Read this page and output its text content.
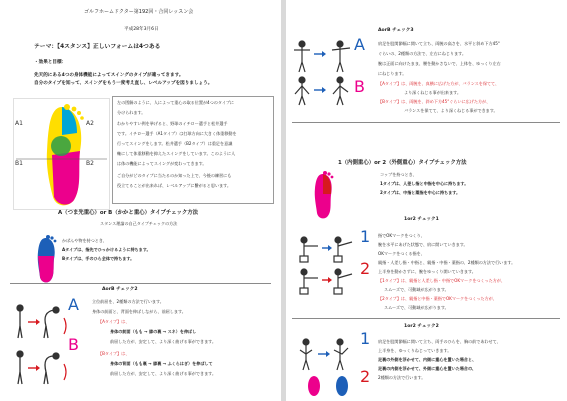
ゴルフホームドクター第192回・合同レッスン会
平成28年3月6日
テーマ：【4スタンス】正しいフォームは4つある
・効果と目標：
先天的にある4つの身体機能によってスイングのタイプが違ってきます。
自分のタイプを知って、スイングをもう一度考え直し、レベルアップを図りましょう。
A1	A2
B1	B2
左の図解のように、人によって重心の取る位置が4つのタイプに
分けられます。
わかりやすい例を挙げると、野球のイチロー選手と松井選手
です。イチロー選手（A1タイプ）は打球方向に大きく体重移動を
行ってスイングをします。松井選手（B2タイプ）は重足を意識
軸にして体重移動を抑えたスイングをしています。このように人
は体の機能によってスイングが変わってきます。
ご自分がどのタイプに当たるのか知った上で、今後の練習にも
役立てることが出来れば、レベルアップに繋がると思います。
A（つま先重心）or B（かかと重心）タイプチェック方法
スタンス理論の自己タイプチェックの方法
かぱんや物を持つとき、
Aタイプは、指先でひっかけるように持ちます。
Bタイプは、手のひら全体で持ちます。
AorB チェック2
A
B
立位前屈を、2種類の方法で行います。
身体の前面と、背面を伸ばしながら、前屈します。
【Aタイプ】は、
身体の前面（もも → 膝の裏 → スネ）を伸ばし
前屈した方が、安定して、より深く曲げる事ができます。
【Bタイプ】は、
身体の背面（もも裏 → 膝裏 → ふくらはぎ）を伸ばして
前屈した方が、安定して、より深く曲げる事ができます。
AorB チェック3
A
B
肩足を股関節幅に開いて立ち、両腕の高さを、水平と斜め下方45°
ぐらいの、2種類の方法で、左右にねじります。
腕は正面に向けたまま、腰を動かさないで、上体を、ゆっくり左右
にねじります。
【Aタイプ】は、両腕を、真横に広げた方が、バランスを保てて、
より深くねじる事が出来ます。
【Bタイプ】は、両腕を、斜め下方45°ぐらいに広げた方が、
バランスを保てて、より深くねじる事ができます。
1（内側重心）or 2（外側重心）タイプチェック方法
コップを持つとき、
1タイプは、人差し指と中指を中心に持ちます。
2タイプは、中指と薬指を中心に持ちます。
1or2 チェック1
1
2
指でOKマークをつくり、
腕を水平にあげた状態で、肩に開いていきます。
OKマークをつくる指を、
親指・人差し指・中指と、親指・中指・薬指の、2種類の方法で行います。
上半身を動かさずに、腕をゆっくり開いていきます。
【1タイプ】は、親指と人差し指・中指でOKマークをつくった方が、
スムーズで、可動域が広がります。
【2タイプ】は、親指と中指・薬指でOKマークをつくった方が、
スムーズで、可動域が広がります。
1or2 チェック2
1
2
肩足を股関節幅に開いて立ち、両手のひらを、胸の前であわせて、
上半身を、ゆっくりねじっていきます。
足裏の外側を浮かせて、内側に重心を置いた場合と、
足裏の内側を浮かせて、外側に重心を置いた場合の、
2種類の方法で行います。
